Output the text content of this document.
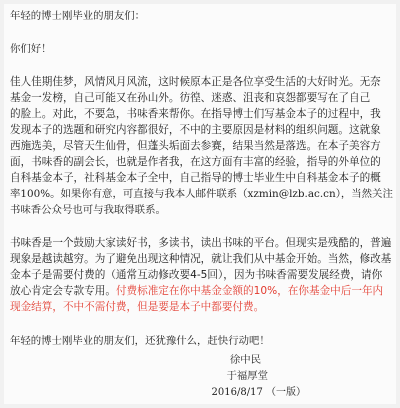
年轻的博士刚毕业的朋友们：
你们好！
佳人佳期佳梦，风情风月风流，这时候原本正是各位享受生活的大好时光。无奈
基金一发榜，自己可能又在孙山外。彷徨、迷惑、沮丧和哀怨都要写在了自己
的脸上。对此，不要急，书味香来帮你。在指导博士们写基金本子的过程中，我
发现本子的选题和研究内容都很好，不中的主要原因是材料的组织问题。这就象
西施选美，尽管天生仙骨，但蓬头垢面去参赛，结果当然是落选。在本子美容方
面，书味香的副会长，也就是作者我，在这方面有丰富的经验，指导的外单位的
自科基金本子，社科基金本子全中，自己指导的博士毕业生中自科基金本子的概
率100%。如果你有意，可直接与我本人邮件联系（xzmin@lzb.ac.cn），当然关注
书味香公众号也可与我取得联系。
书味香是一个鼓励大家读好书，多读书，读出书味的平台。但现实是残酷的，普遍
现象是越读越穷。为了避免出现这种情况，就让我们从中基金开始。当然，修改基
金本子是需要付费的（通常互动修改要4-5回），因为书味香需要发展经费，请你
放心肯定会专款专用。付费标准定在你中基金金额的10%，在你基金中后一年内
现金结算，不中不需付费，但是要是本子中都要付费。
年轻的博士刚毕业的朋友们，还犹豫什么，赶快行动吧！
徐中民
于福厚堂
2016/8/17 （一版）
